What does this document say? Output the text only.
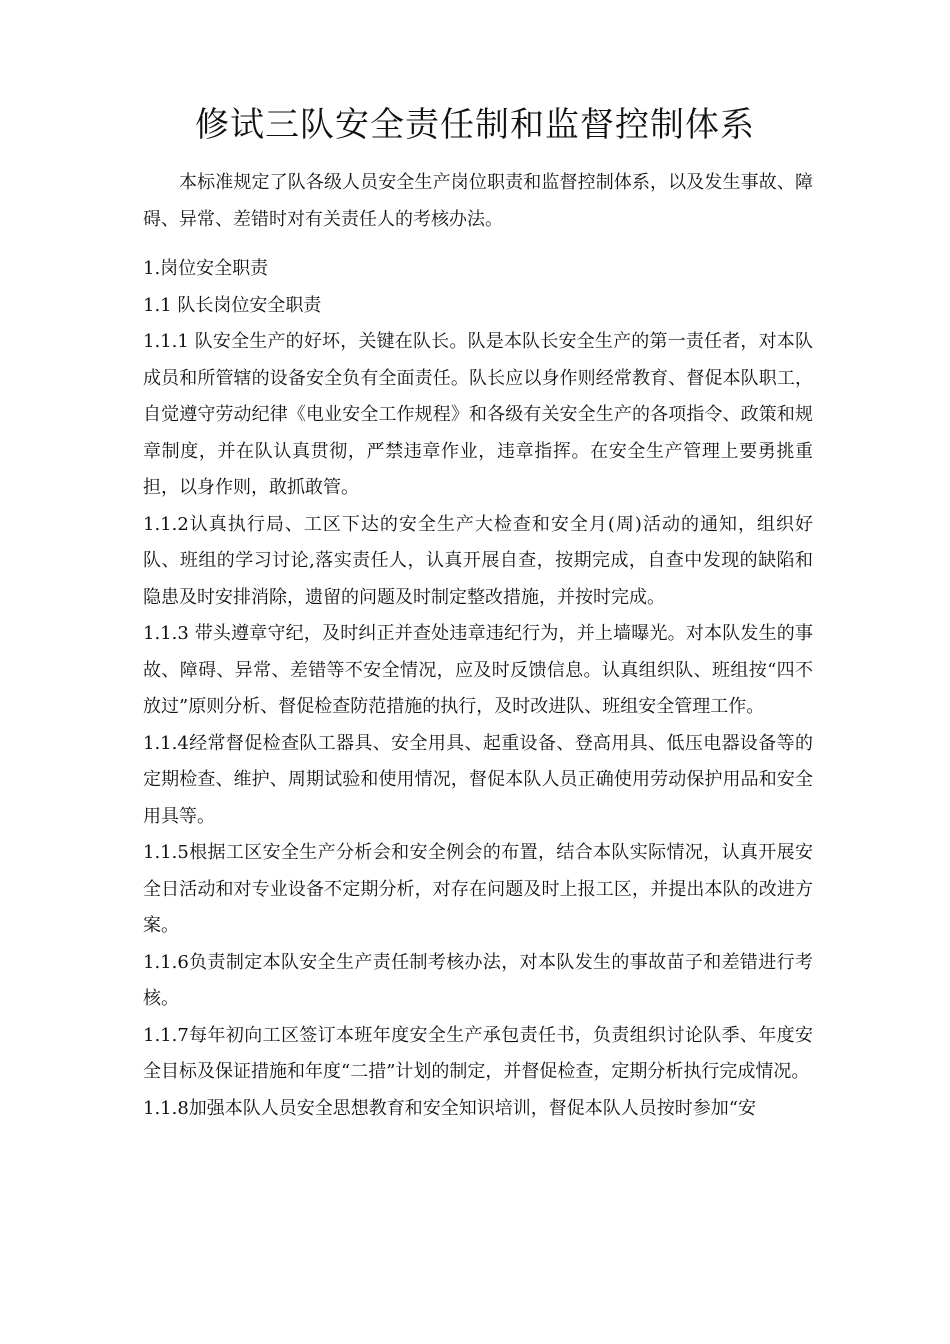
修试三队安全责任制和监督控制体系

本标准规定了队各级人员安全生产岗位职责和监督控制体系，以及发生事故、障碍、异常、差错时对有关责任人的考核办法。

1.岗位安全职责

1.1 队长岗位安全职责

1.1.1 队安全生产的好坏，关键在队长。队是本队长安全生产的第一责任者，对本队成员和所管辖的设备安全负有全面责任。队长应以身作则经常教育、督促本队职工，自觉遵守劳动纪律《电业安全工作规程》和各级有关安全生产的各项指令、政策和规章制度，并在队认真贯彻，严禁违章作业，违章指挥。在安全生产管理上要勇挑重担，以身作则，敢抓敢管。

1.1.2认真执行局、工区下达的安全生产大检查和安全月(周)活动的通知，组织好队、班组的学习讨论,落实责任人，认真开展自查，按期完成，自查中发现的缺陷和隐患及时安排消除，遗留的问题及时制定整改措施，并按时完成。

1.1.3 带头遵章守纪，及时纠正并查处违章违纪行为，并上墙曝光。对本队发生的事故、障碍、异常、差错等不安全情况，应及时反馈信息。认真组织队、班组按“四不放过”原则分析、督促检查防范措施的执行，及时改进队、班组安全管理工作。

1.1.4经常督促检查队工器具、安全用具、起重设备、登高用具、低压电器设备等的定期检查、维护、周期试验和使用情况，督促本队人员正确使用劳动保护用品和安全用具等。

1.1.5根据工区安全生产分析会和安全例会的布置，结合本队实际情况，认真开展安全日活动和对专业设备不定期分析，对存在问题及时上报工区，并提出本队的改进方案。

1.1.6负责制定本队安全生产责任制考核办法，对本队发生的事故苗子和差错进行考核。

1.1.7每年初向工区签订本班年度安全生产承包责任书，负责组织讨论队季、年度安全目标及保证措施和年度“二措”计划的制定，并督促检查，定期分析执行完成情况。

1.1.8加强本队人员安全思想教育和安全知识培训，督促本队人员按时参加“安
